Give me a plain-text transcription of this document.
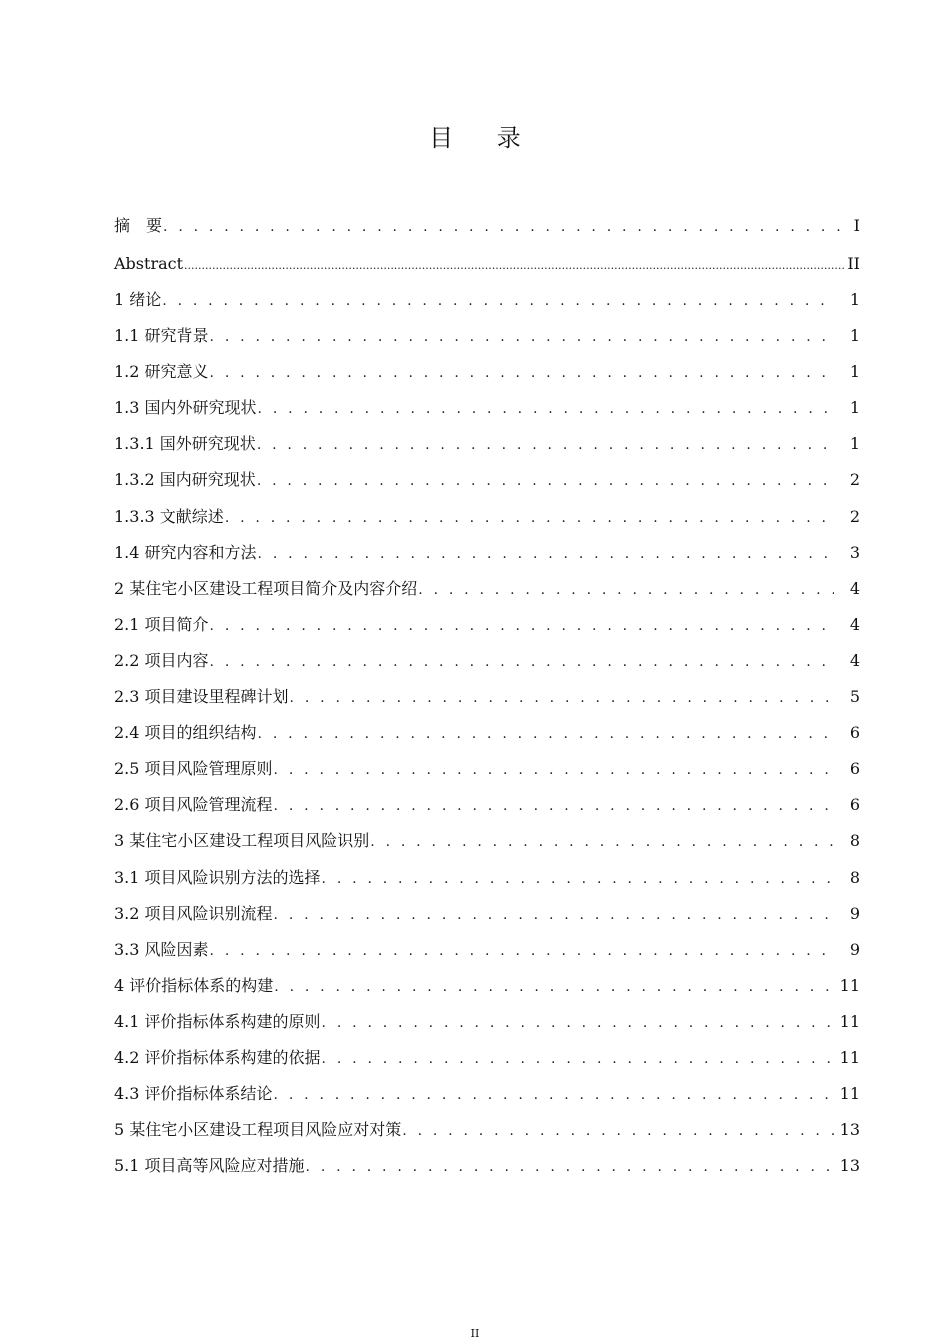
目 录
摘　要 . . .	I
Abstract .....	II
1 绪论 . . .	1
1.1 研究背景 . . .	1
1.2 研究意义 . . .	1
1.3 国内外研究现状 . . .	1
1.3.1 国外研究现状 . . .	1
1.3.2 国内研究现状 . . .	2
1.3.3 文献综述 . . .	2
1.4 研究内容和方法 . . .	3
2 某住宅小区建设工程项目简介及内容介绍 . . .	4
2.1 项目简介 . . .	4
2.2 项目内容 . . .	4
2.3 项目建设里程碑计划 . . .	5
2.4 项目的组织结构 . . .	6
2.5 项目风险管理原则 . . .	6
2.6 项目风险管理流程 . . .	6
3 某住宅小区建设工程项目风险识别 . . .	8
3.1 项目风险识别方法的选择 . . .	8
3.2 项目风险识别流程 . . .	9
3.3 风险因素 . . .	9
4 评价指标体系的构建 . . .	11
4.1 评价指标体系构建的原则 . . .	11
4.2 评价指标体系构建的依据 . . .	11
4.3 评价指标体系结论 . . .	11
5 某住宅小区建设工程项目风险应对对策 . . .	13
5.1 项目高等风险应对措施 . . .	13
II
